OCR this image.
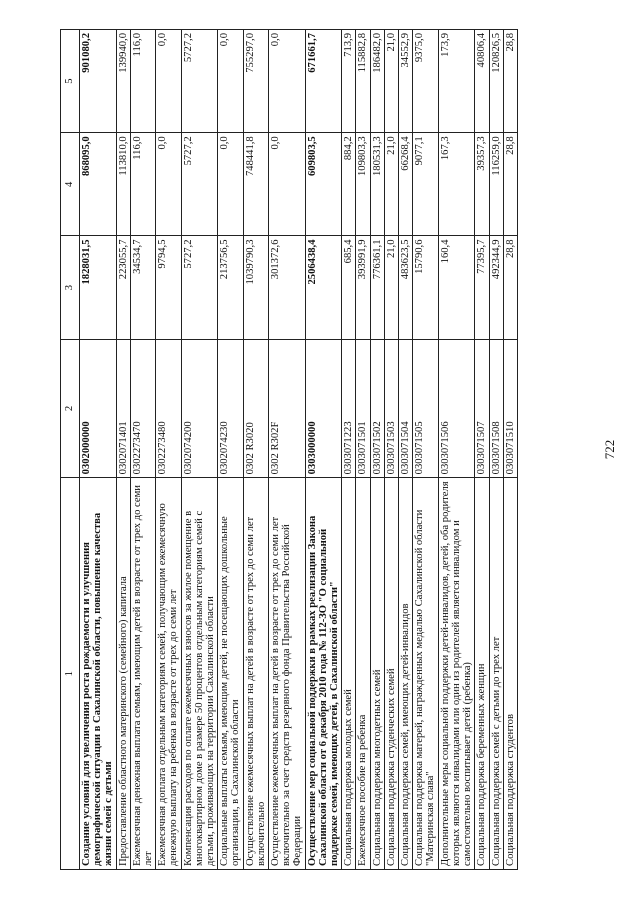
1	2	3	4	5
Создание условий для увеличения роста рождаемости и улучшения демографической ситуации в Сахалинской области, повышение качества жизни семей с детьми	0302000000	1828031,5	868095,0	901080,2
Предоставление областного материнского (семейного) капитала	0302071401	223055,7	113810,0	139940,0
Ежемесячная денежная выплата семьям, имеющим детей в возрасте от трех до семи лет	0302273470	34534,7	116,0	116,0
Ежемесячная доплата отдельным категориям семей, получающим ежемесячную денежную выплату на ребенка в возрасте от трех до семи лет	0302273480	9794,5	0,0	0,0
Компенсация расходов по оплате ежемесячных взносов за жилое помещение в многоквартирном доме в размере 50 процентов отдельным категориям семей с детьми, проживающих на территории Сахалинской области	0302074200	5727,2	5727,2	5727,2
Социальные выплаты семьям, имеющим детей, не посещающих дошкольные организации, в Сахалинской области	0302074230	213756,5	0,0	0,0
Осуществление ежемесячных выплат на детей в возрасте от трех до семи лет включительно	0302 R3020	1039790,3	748441,8	755297,0
Осуществление ежемесячных выплат на детей в возрасте от трех до семи лет включительно за счет средств резервного фонда Правительства Российской Федерации	0302 R302F	301372,6	0,0	0,0
Осуществление мер социальной поддержки в рамках реализации Закона Сахалинской области от 6 декабря 2010 года № 112-ЗО "О социальной поддержке семей, имеющих детей, в Сахалинской области"	0303000000	2506438,4	609803,5	671661,7
Социальная поддержка молодых семей	0303071223	685,4	884,2	713,9
Ежемесячное пособие на ребенка	0303071501	393991,9	109803,3	115882,8
Социальная поддержка многодетных семей	0303071502	776361,1	180531,3	186482,0
Социальная поддержка студенческих семей	0303071503	21,0	21,0	21,0
Социальная поддержка семей, имеющих детей-инвалидов	0303071504	483623,5	66268,4	34552,9
Социальная поддержка матерей, награжденных медалью Сахалинской области "Материнская слава"	0303071505	15790,6	9077,1	9375,0
Дополнительные меры социальной поддержки детей-инвалидов, детей, оба родителя которых являются инвалидами или один из родителей является инвалидом и самостоятельно воспитывает детей (ребенка)	0303071506	160,4	167,3	173,9
Социальная поддержка беременных женщин	0303071507	77395,7	39357,3	40806,4
Социальная поддержка семей с детьми до трех лет	0303071508	492344,9	116259,0	120826,5
Социальная поддержка студентов	0303071510	28,8	28,8	28,8
722
